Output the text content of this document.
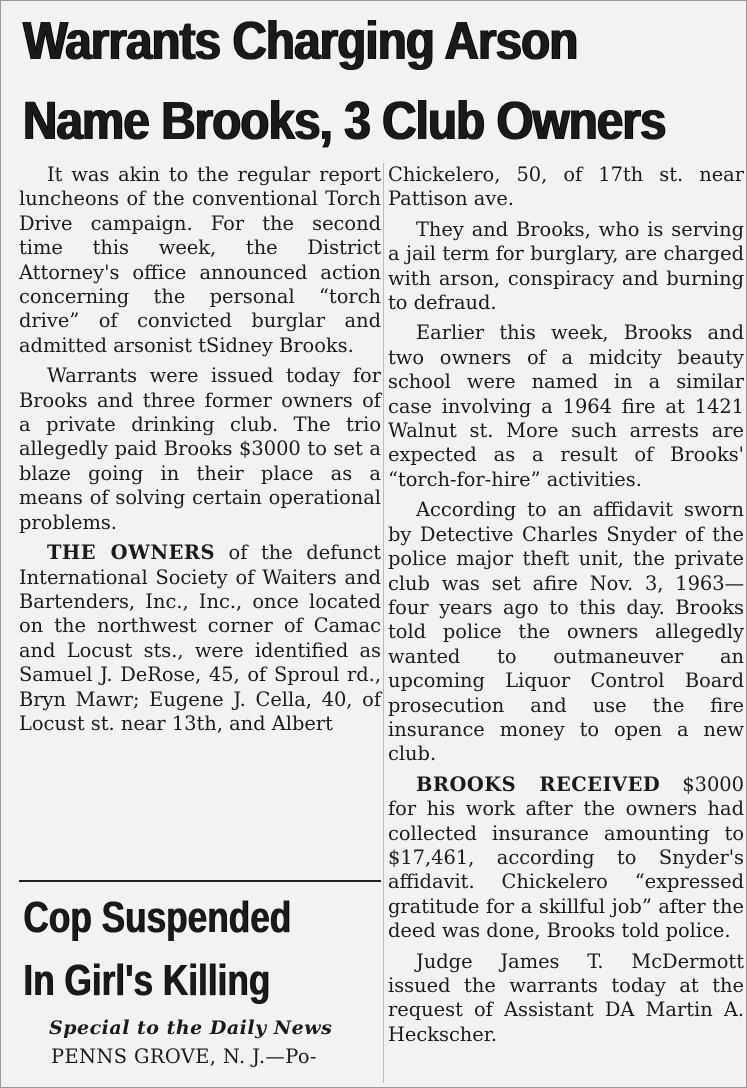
Warrants Charging Arson
Name Brooks, 3 Club Owners

It was akin to the regular report luncheons of the conventional Torch Drive campaign. For the second time this week, the District Attorney's office announced action concerning the personal “torch drive” of convicted burglar and admitted arsonist tSidney Brooks.

Warrants were issued today for Brooks and three former owners of a private drinking club. The trio allegedly paid Brooks $3000 to set a blaze going in their place as a means of solving certain operational problems.

THE OWNERS of the defunct International Society of Waiters and Bartenders, Inc., Inc., once located on the northwest corner of Camac and Locust sts., were identified as Samuel J. DeRose, 45, of Sproul rd., Bryn Mawr; Eugene J. Cella, 40, of Locust st. near 13th, and Albert

Chickelero, 50, of 17th st. near Pattison ave.

They and Brooks, who is serving a jail term for burglary, are charged with arson, conspiracy and burning to defraud.

Earlier this week, Brooks and two owners of a midcity beauty school were named in a similar case involving a 1964 fire at 1421 Walnut st. More such arrests are expected as a result of Brooks' “torch-for-hire” activities.

According to an affidavit sworn by Detective Charles Snyder of the police major theft unit, the private club was set afire Nov. 3, 1963—four years ago to this day. Brooks told police the owners allegedly wanted to outmaneuver an upcoming Liquor Control Board prosecution and use the fire insurance money to open a new club.

BROOKS RECEIVED $3000 for his work after the owners had collected insurance amounting to $17,461, according to Snyder's affidavit. Chickelero “expressed gratitude for a skillful job” after the deed was done, Brooks told police.

Judge James T. McDermott issued the warrants today at the request of Assistant DA Martin A. Heckscher.

Cop Suspended
In Girl's Killing
Special to the Daily News
PENNS GROVE, N. J.—Po-
